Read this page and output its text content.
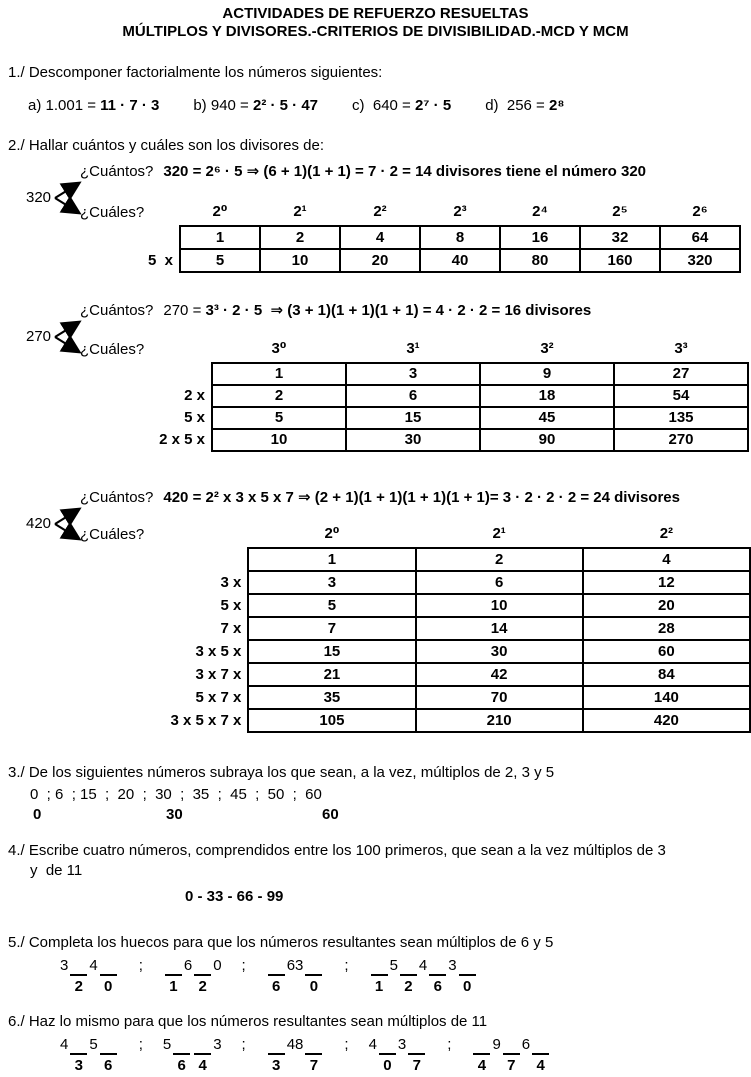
ACTIVIDADES DE REFUERZO RESUELTAS
MÚLTIPLOS Y DIVISORES.-CRITERIOS DE DIVISIBILIDAD.-MCD Y MCM
1./ Descomponer factorialmente los números siguientes:
a) 1.001 = 11 · 7 · 3 b) 940 = 2² · 5 · 47 c)  640 = 2⁷ · 5 d)  256 = 2⁸
2./ Hallar cuántos y cuáles son los divisores de:
¿Cuántos? 320 = 2⁶ · 5 ⇒ (6 + 1)(1 + 1) = 7 · 2 = 14 divisores tiene el número 320
320
¿Cuáles?
		2⁰	2¹	2²	2³	2⁴	2⁵	2⁶
	1	2	4	8	16	32	64
5  x	5	10	20	40	80	160	320
¿Cuántos? 270 = 3³ · 2 · 5  ⇒ (3 + 1)(1 + 1)(1 + 1) = 4 · 2 · 2 = 16 divisores
270
¿Cuáles?
		3⁰	3¹	3²	3³
	1	3	9	27
2 x	2	6	18	54
5 x	5	15	45	135
2 x 5 x	10	30	90	270
¿Cuántos? 420 = 2² x 3 x 5 x 7 ⇒ (2 + 1)(1 + 1)(1 + 1)(1 + 1)= 3 · 2 · 2 · 2 = 24 divisores
420
¿Cuáles?
		2⁰	2¹	2²
	1	2	4
3 x	3	6	12
5 x	5	10	20
7 x	7	14	28
3 x 5 x	15	30	60
3 x 7 x	21	42	84
5 x 7 x	35	70	140
3 x 5 x 7 x	105	210	420
3./ De los siguientes números subraya los que sean, a la vez, múltiplos de 2, 3 y 5
0  ; 6  ; 15  ;  20  ;  30  ;  35  ;  45  ;  50  ;  60
0	30	60
4./ Escribe cuatro números, comprendidos entre los 100 primeros, que sean a la vez múltiplos de 3
y  de 11
0 - 33 - 66 - 99
5./ Completa los huecos para que los números resultantes sean múltiplos de 6 y 5
3
2
4
0
;
1
6
2
0 ;
6
63
0
;
1
5
2
4
6
3
0
6./ Haz lo mismo para que los números resultantes sean múltiplos de 11
4
3
5
6
; 5
6 4
3 ;
3
48
7
; 4
0
3
7
;
4
9
7
6
4
